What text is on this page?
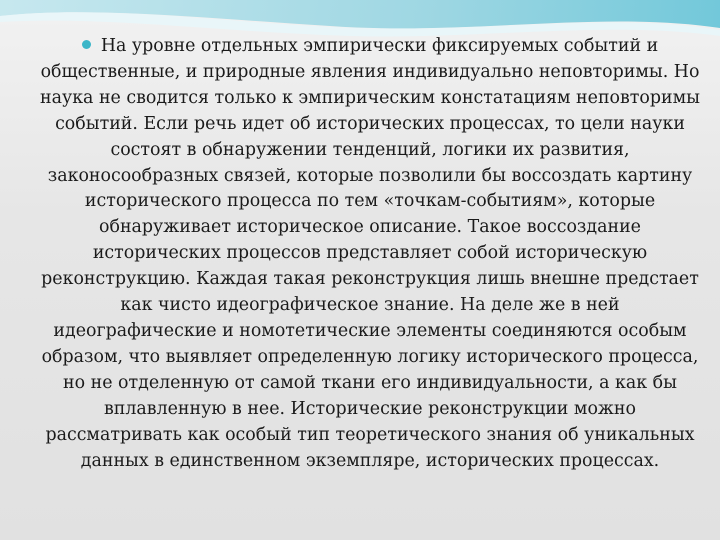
На уровне отдельных эмпирически фиксируемых событий и общественные, и природные явления индивидуально неповторимы. Но наука не сводится только к эмпирическим констатациям неповторимы событий. Если речь идет об исторических процессах, то цели науки состоят в обнаружении тенденций, логики их развития, законосообразных связей, которые позволили бы воссоздать картину исторического процесса по тем «точкам-событиям», которые обнаруживает историческое описание. Такое воссоздание исторических процессов представляет собой историческую реконструкцию. Каждая такая реконструкция лишь внешне предстает как чисто идеографическое знание. На деле же в ней идеографические и номотетические элементы соединяются особым образом, что выявляет определенную логику исторического процесса, но не отделенную от самой ткани его индивидуальности, а как бы вплавленную в нее. Исторические реконструкции можно рассматривать как особый тип теоретического знания об уникальных данных в единственном экземпляре, исторических процессах.
